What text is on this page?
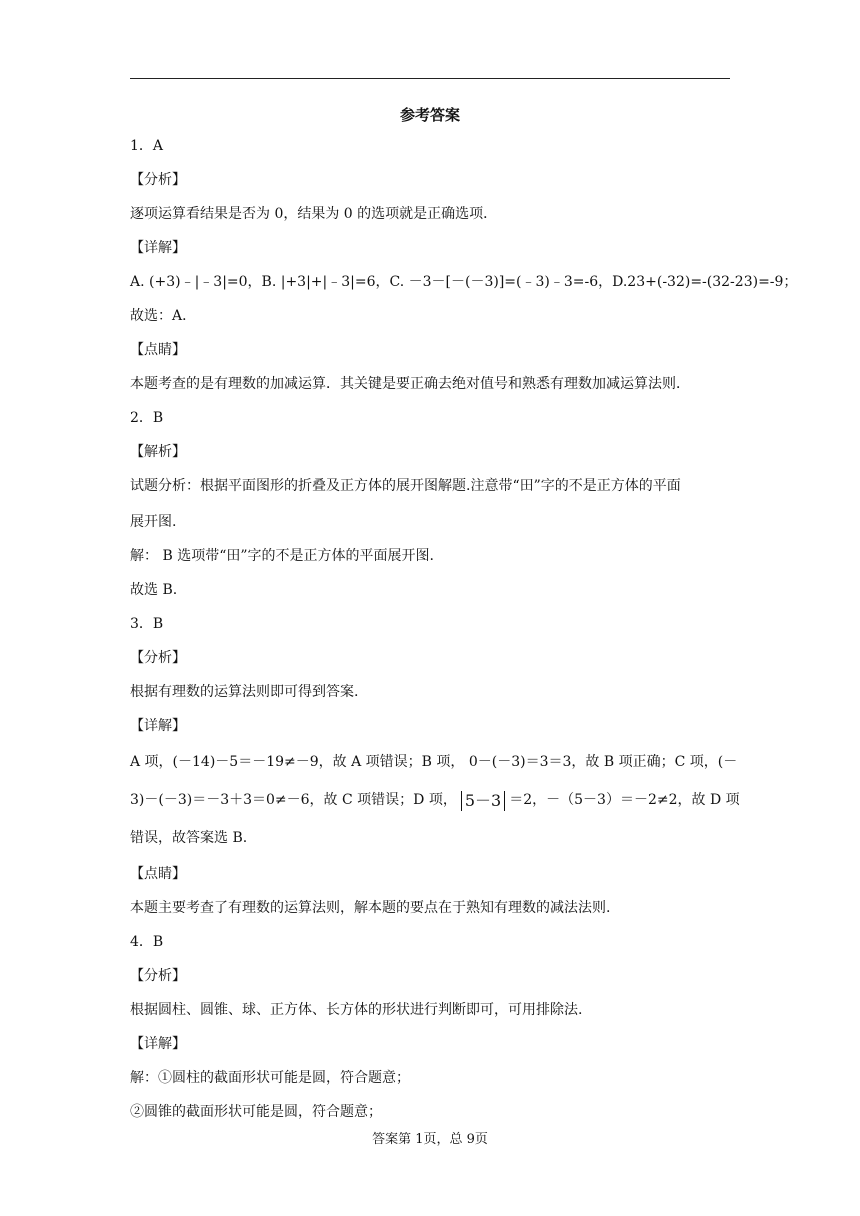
参考答案
1．A
【分析】
逐项运算看结果是否为 0，结果为 0 的选项就是正确选项．
【详解】
A. (+3)﹣|﹣3|=0，B. |+3|+|﹣3|=6，C. －3－[－(－3)]=(﹣3)﹣3=-6，D.23+(-32)=-(32-23)=-9；
故选：A．
【点睛】
本题考查的是有理数的加减运算．其关键是要正确去绝对值号和熟悉有理数加减运算法则．
2．B
【解析】
试题分析：根据平面图形的折叠及正方体的展开图解题.注意带“田”字的不是正方体的平面
展开图.
解： B 选项带“田”字的不是正方体的平面展开图.
故选 B.
3．B
【分析】
根据有理数的运算法则即可得到答案.
【详解】
A 项，(－14)－5＝－19≠－9，故 A 项错误；B 项， 0－(－3)＝3＝3，故 B 项正确；C 项，(－
3)－(－3)＝－3＋3＝0≠－6，故 C 项错误；D 项， 5－3 ＝2，－（5－3）＝－2≠2，故 D 项
错误，故答案选 B.
【点睛】
本题主要考查了有理数的运算法则，解本题的要点在于熟知有理数的减法法则.
4．B
【分析】
根据圆柱、圆锥、球、正方体、长方体的形状进行判断即可，可用排除法.
【详解】
解：①圆柱的截面形状可能是圆，符合题意；
②圆锥的截面形状可能是圆，符合题意；
答案第 1页，总 9页
